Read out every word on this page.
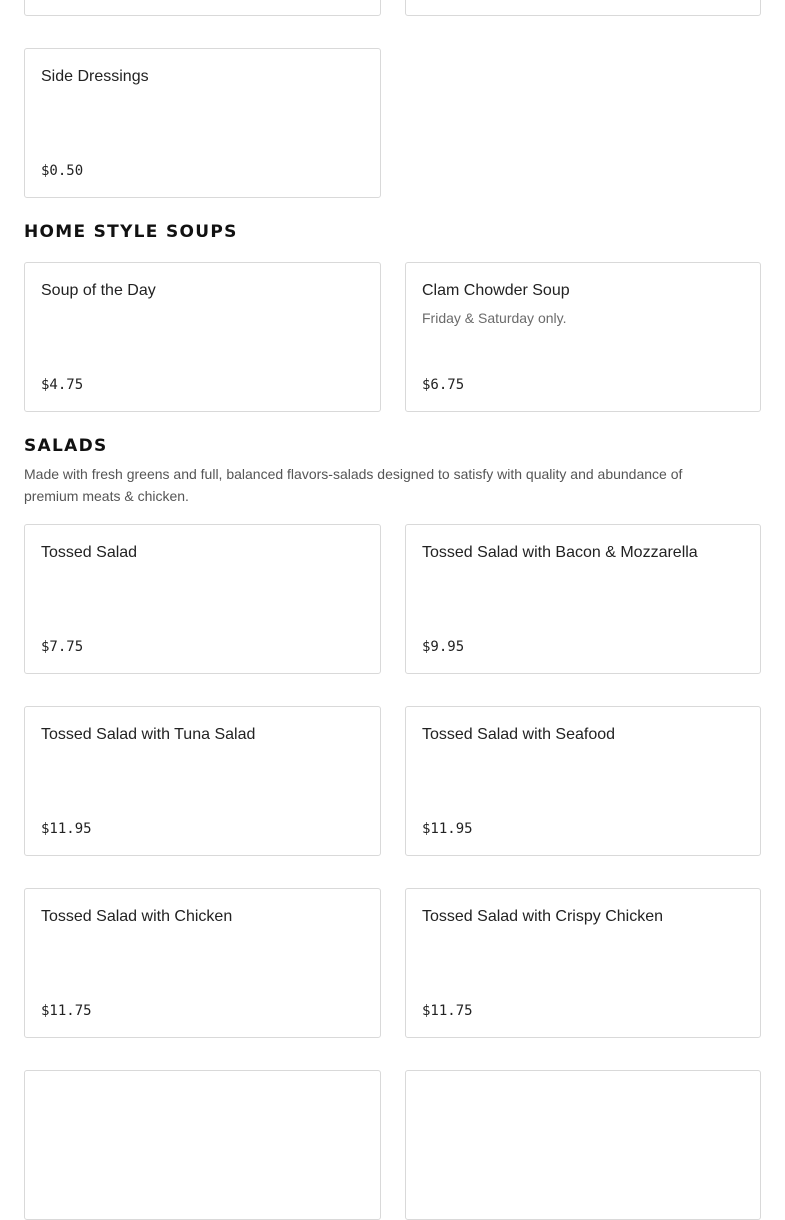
Side Dressings
$0.50
HOME STYLE SOUPS
Soup of the Day
$4.75
Clam Chowder Soup
Friday & Saturday only.
$6.75
SALADS

Made with fresh greens and full, balanced flavors-salads designed to satisfy with quality and abundance of premium meats & chicken.

Tossed Salad
$7.75
Tossed Salad with Bacon & Mozzarella
$9.95
Tossed Salad with Tuna Salad
$11.95
Tossed Salad with Seafood
$11.95
Tossed Salad with Chicken
$11.75
Tossed Salad with Crispy Chicken
$11.75
